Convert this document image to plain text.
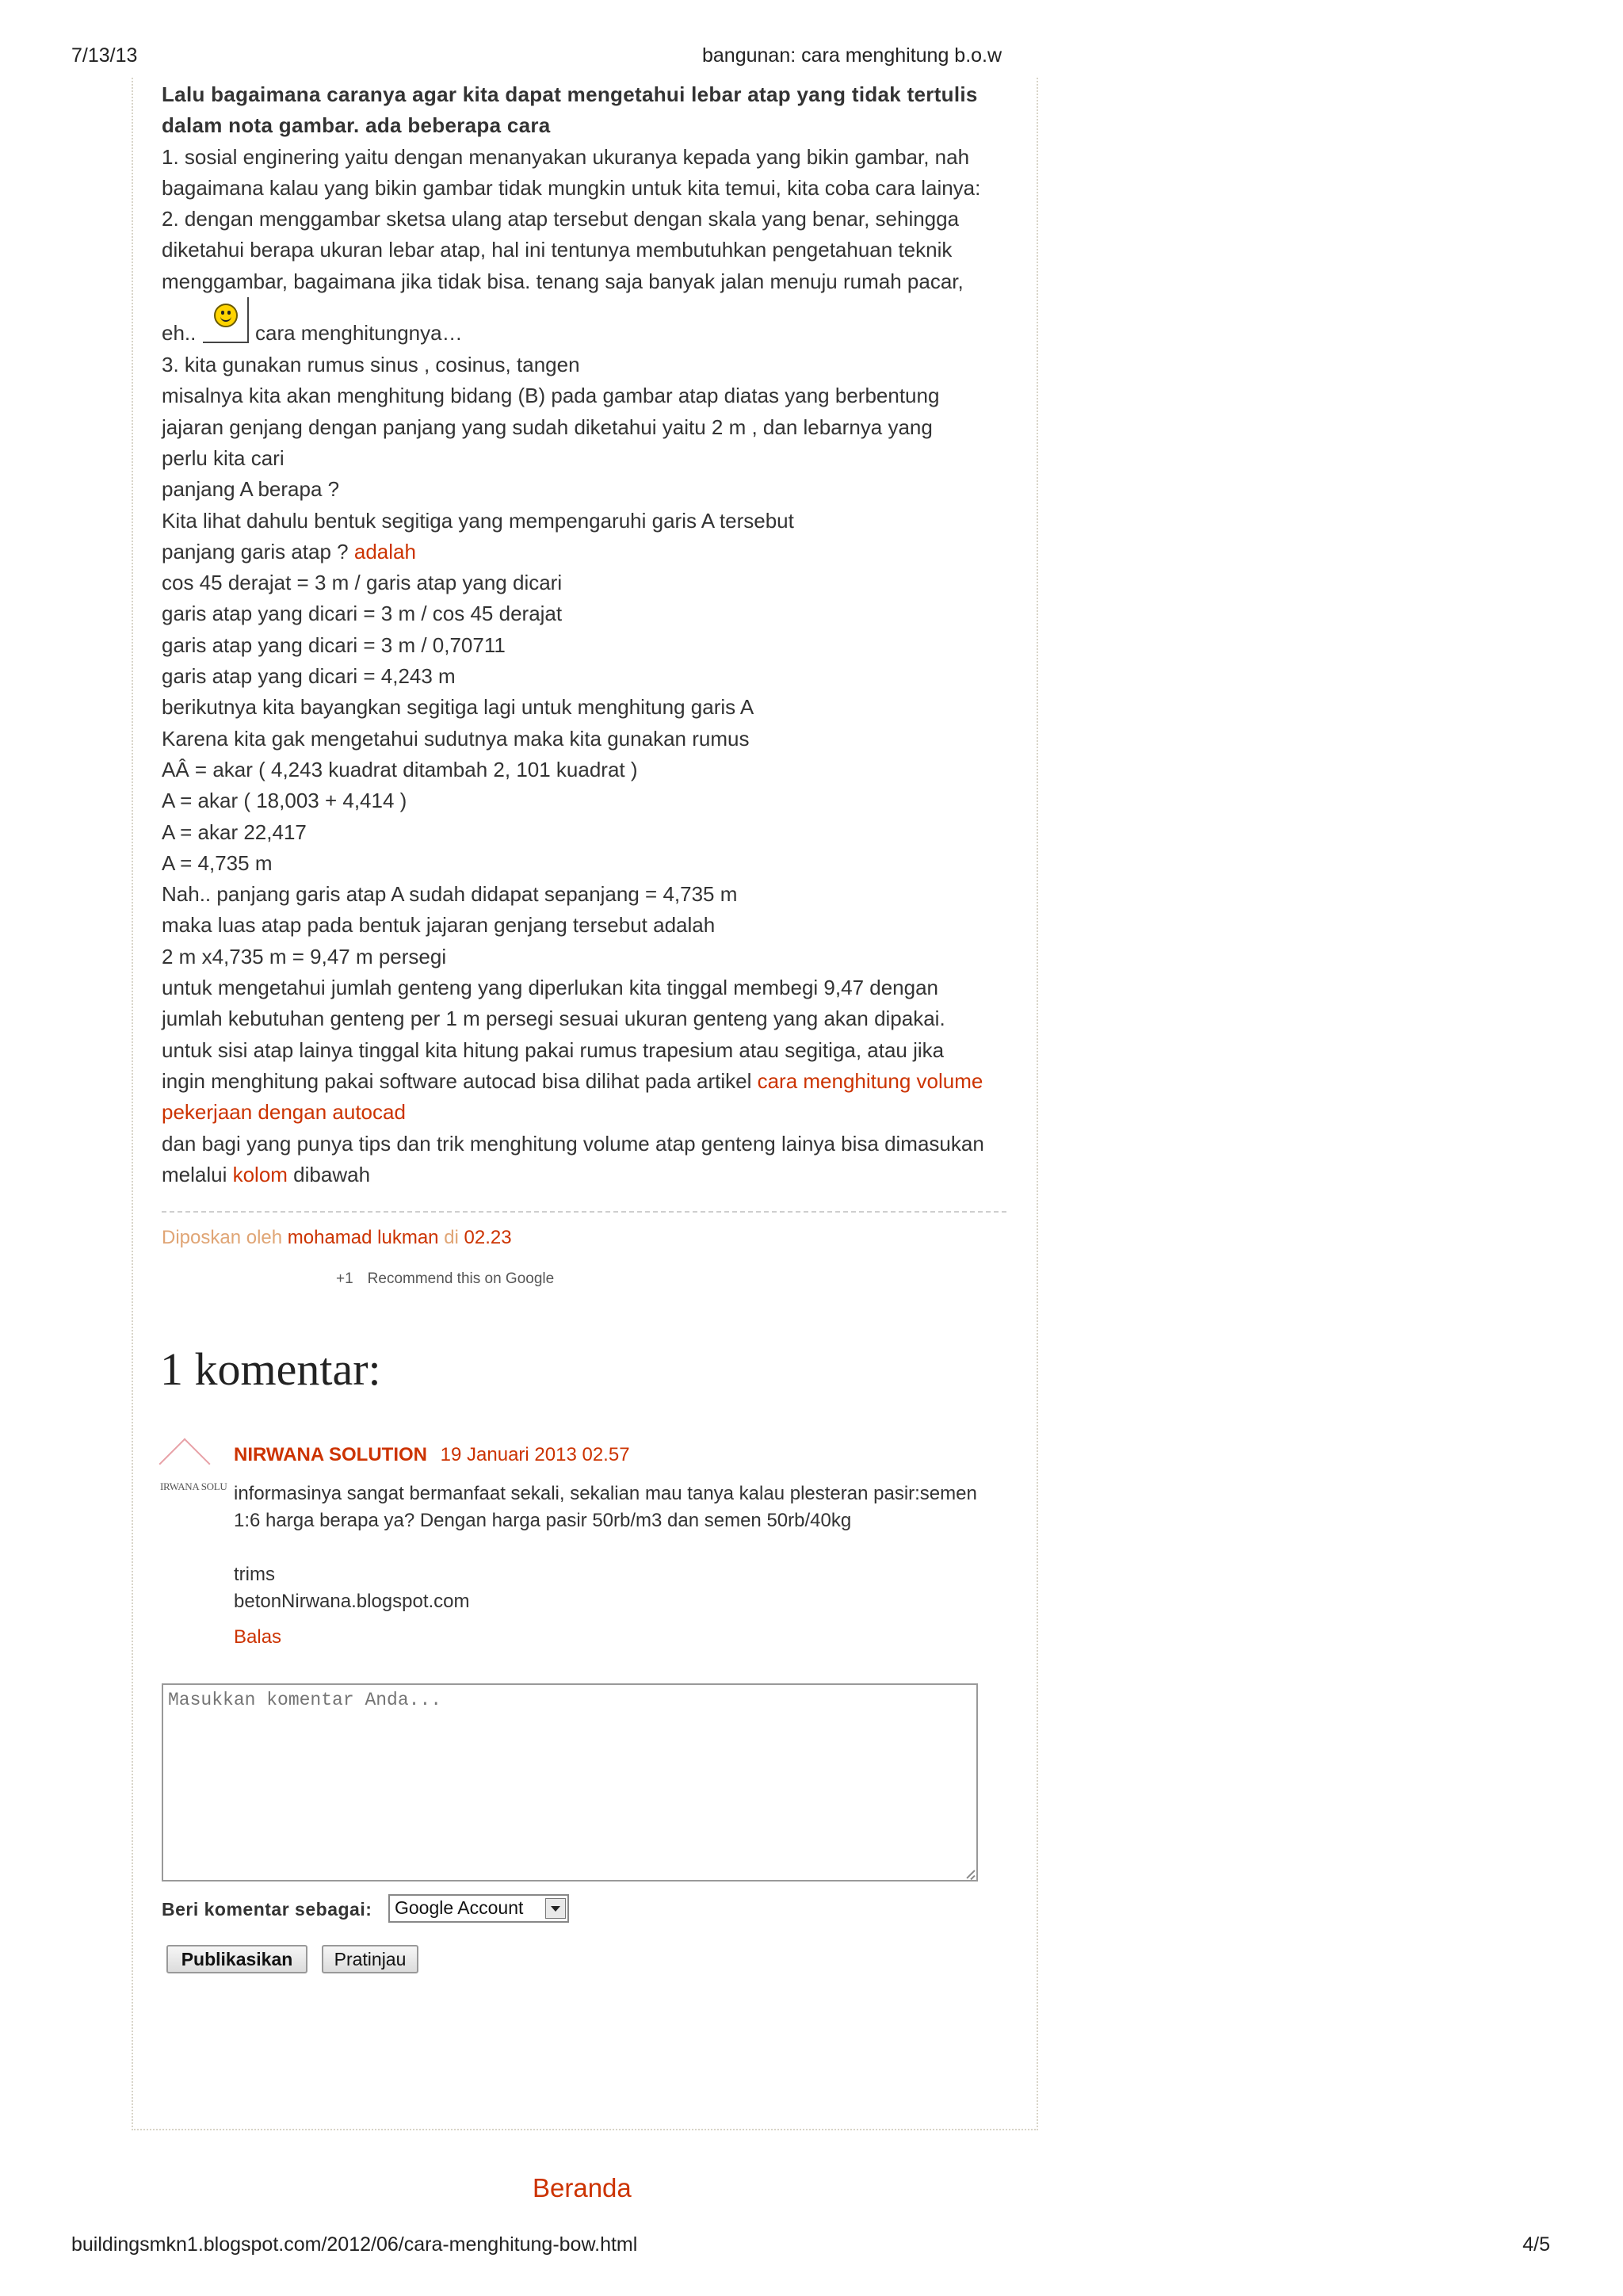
7/13/13	bangunan: cara menghitung b.o.w
Lalu bagaimana caranya agar kita dapat mengetahui lebar atap yang tidak tertulis
dalam nota gambar. ada beberapa cara
1. sosial enginering yaitu dengan menanyakan ukuranya kepada yang bikin gambar, nah
bagaimana kalau yang bikin gambar tidak mungkin untuk kita temui, kita coba cara lainya:
2. dengan menggambar sketsa ulang atap tersebut dengan skala yang benar, sehingga
diketahui berapa ukuran lebar atap, hal ini tentunya membutuhkan pengetahuan teknik
menggambar, bagaimana jika tidak bisa. tenang saja banyak jalan menuju rumah pacar,
eh..	cara menghitungnya…
3. kita gunakan rumus sinus , cosinus, tangen
misalnya kita akan menghitung bidang (B) pada gambar atap diatas yang berbentung
jajaran genjang dengan panjang yang sudah diketahui yaitu 2 m , dan lebarnya yang
perlu kita cari
panjang A berapa ?
Kita lihat dahulu bentuk segitiga yang mempengaruhi garis A tersebut
panjang garis atap ? adalah
cos 45 derajat = 3 m / garis atap yang dicari
garis atap yang dicari = 3 m / cos 45 derajat
garis atap yang dicari = 3 m / 0,70711
garis atap yang dicari = 4,243 m
berikutnya kita bayangkan segitiga lagi untuk menghitung garis A
Karena kita gak mengetahui sudutnya maka kita gunakan rumus
AÂ = akar ( 4,243 kuadrat ditambah 2, 101 kuadrat )
A = akar ( 18,003 + 4,414 )
A = akar 22,417
A = 4,735 m
Nah.. panjang garis atap A sudah didapat sepanjang = 4,735 m
maka luas atap pada bentuk jajaran genjang tersebut adalah
2 m x4,735 m = 9,47 m persegi
untuk mengetahui jumlah genteng yang diperlukan kita tinggal membegi 9,47 dengan
jumlah kebutuhan genteng per 1 m persegi sesuai ukuran genteng yang akan dipakai.
untuk sisi atap lainya tinggal kita hitung pakai rumus trapesium atau segitiga, atau jika
ingin menghitung pakai software autocad bisa dilihat pada artikel cara menghitung volume
pekerjaan dengan autocad
dan bagi yang punya tips dan trik menghitung volume atap genteng lainya bisa dimasukan
melalui kolom dibawah
Diposkan oleh mohamad lukman di 02.23
+1 Recommend this on Google
1 komentar:
IRWANA SOLU
NIRWANA SOLUTION 19 Januari 2013 02.57
informasinya sangat bermanfaat sekali, sekalian mau tanya kalau plesteran pasir:semen
1:6 harga berapa ya? Dengan harga pasir 50rb/m3 dan semen 50rb/40kg
trims
betonNirwana.blogspot.com
Balas
Masukkan komentar Anda...
Beri komentar sebagai:	Google Account
Publikasikan	Pratinjau
Beranda
buildingsmkn1.blogspot.com/2012/06/cara-menghitung-bow.html	4/5
